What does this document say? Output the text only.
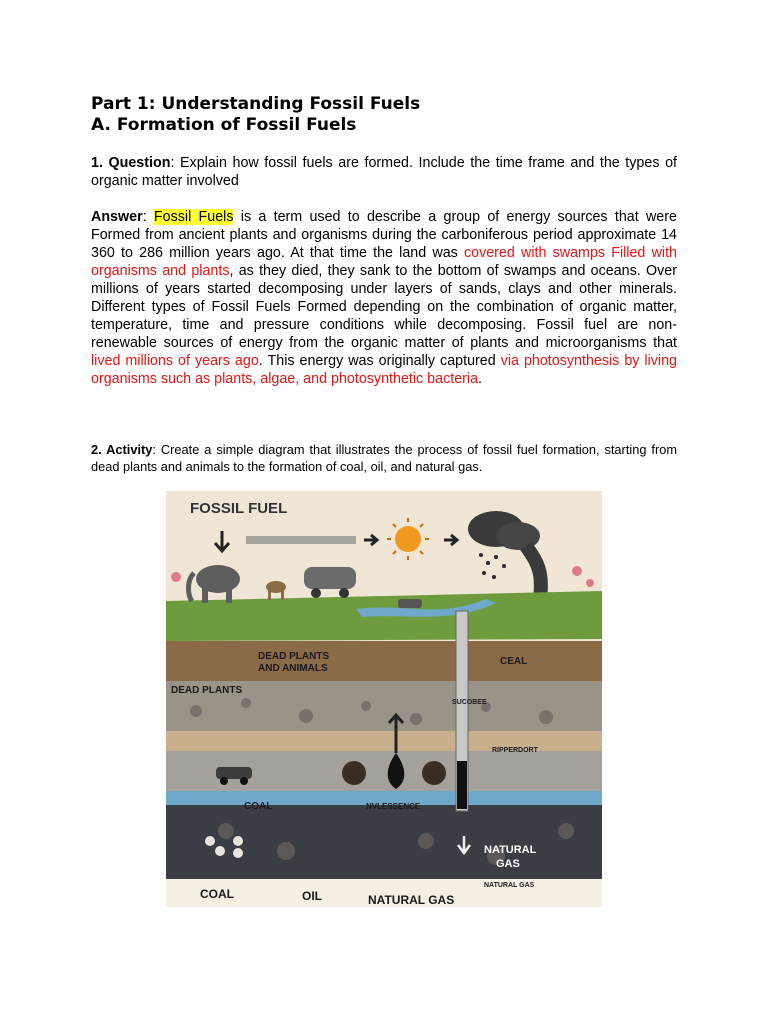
Part 1: Understanding Fossil Fuels
A. Formation of Fossil Fuels
1. Question: Explain how fossil fuels are formed. Include the time frame and the types of organic matter involved
Answer: Fossil Fuels is a term used to describe a group of energy sources that were Formed from ancient plants and organisms during the carboniferous period approximate 14 360 to 286 million years ago. At that time the land was covered with swamps Filled with organisms and plants, as they died, they sank to the bottom of swamps and oceans. Over millions of years started decomposing under layers of sands, clays and other minerals. Different types of Fossil Fuels Formed depending on the combination of organic matter, temperature, time and pressure conditions while decomposing. Fossil fuel are non-renewable sources of energy from the organic matter of plants and microorganisms that lived millions of years ago. This energy was originally captured via photosynthesis by living organisms such as plants, algae, and photosynthetic bacteria.
2. Activity: Create a simple diagram that illustrates the process of fossil fuel formation, starting from dead plants and animals to the formation of coal, oil, and natural gas.
FOSSIL FUEL
DEAD PLANTS
AND ANIMALS
DEAD PLANTS
CEAL
SUCOBEE
RIPPERDORT
COAL	NVLESSENCE
NATURAL
GAS
NATURAL GAS
COAL	OIL	NATURAL GAS
